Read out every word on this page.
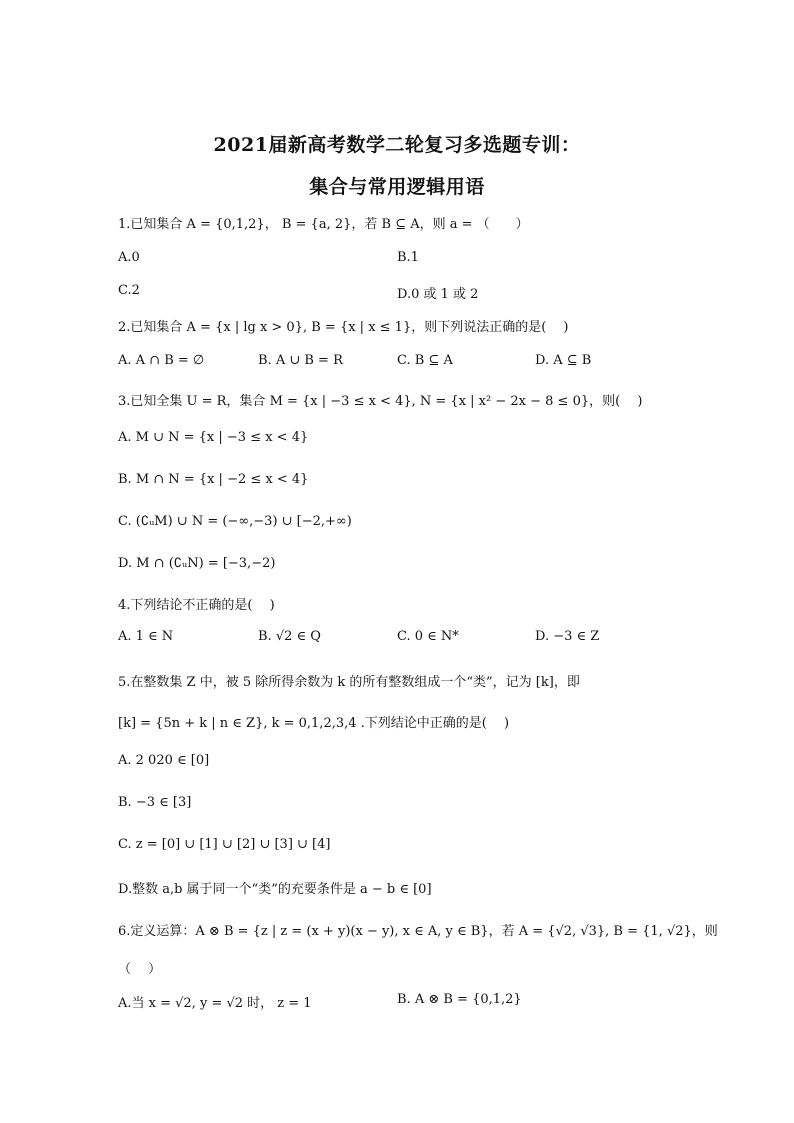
2021届新高考数学二轮复习多选题专训：
集合与常用逻辑用语
1.已知集合 A = {0,1,2}， B = {a, 2}，若 B ⊆ A，则 a = （　　）
A.0	B.1
C.2	D.0 或 1 或 2
2.已知集合 A = {x | lg x > 0}, B = {x | x ≤ 1}，则下列说法正确的是(　 )
A. A ∩ B = ∅	B. A ∪ B = R	C. B ⊆ A	D. A ⊆ B
3.已知全集 U = R，集合 M = {x | −3 ≤ x < 4}, N = {x | x² − 2x − 8 ≤ 0}，则(　 )
A. M ∪ N = {x | −3 ≤ x < 4}
B. M ∩ N = {x | −2 ≤ x < 4}
C. (∁ᵤM) ∪ N = (−∞,−3) ∪ [−2,+∞)
D. M ∩ (∁ᵤN) = [−3,−2)
4.下列结论不正确的是(　 )
A. 1 ∈ N	B. √2 ∈ Q	C. 0 ∈ N*	D. −3 ∈ Z
5.在整数集 Z 中，被 5 除所得余数为 k 的所有整数组成一个“类”，记为 [k]，即
[k] = {5n + k | n ∈ Z}, k = 0,1,2,3,4 .下列结论中正确的是(　 )
A. 2 020 ∈ [0]
B. −3 ∈ [3]
C. z = [0] ∪ [1] ∪ [2] ∪ [3] ∪ [4]
D.整数 a,b 属于同一个“类”的充要条件是 a − b ∈ [0]
6.定义运算：A ⊗ B = {z | z = (x + y)(x − y), x ∈ A, y ∈ B}，若 A = {√2, √3}, B = {1, √2}，则
（　 ）
A.当 x = √2, y = √2 时， z = 1	B. A ⊗ B = {0,1,2}
